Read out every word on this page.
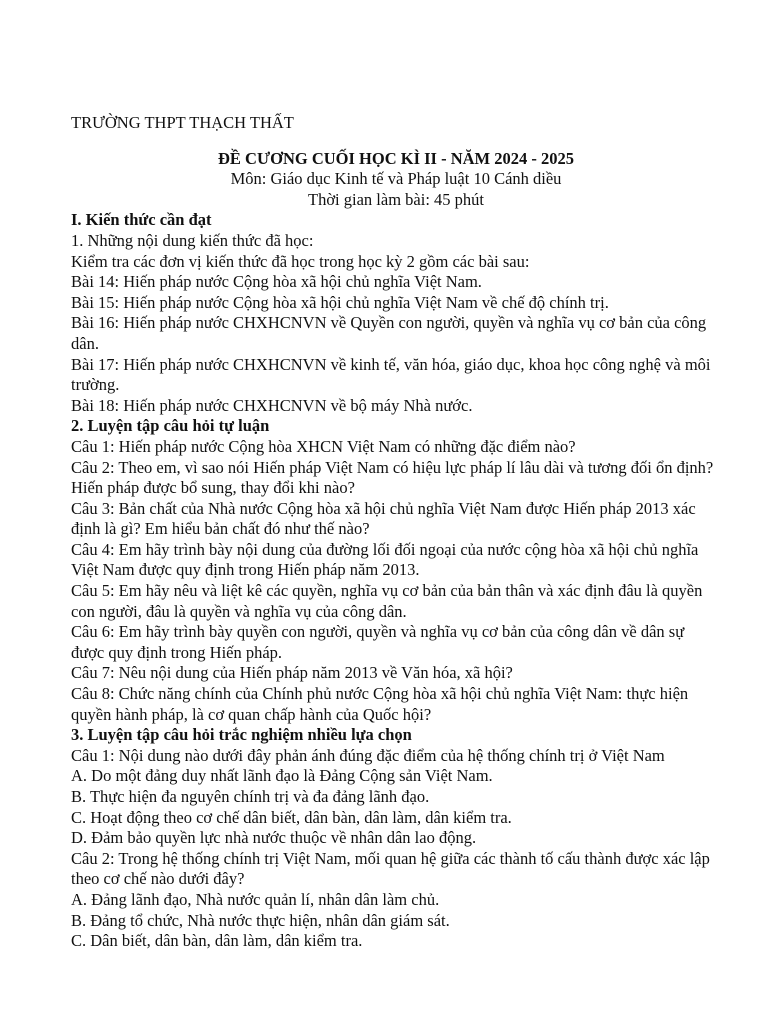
TRƯỜNG THPT THẠCH THẤT
ĐỀ CƯƠNG CUỐI HỌC KÌ II - NĂM 2024 - 2025
Môn: Giáo dục Kinh tế và Pháp luật 10 Cánh diều
Thời gian làm bài: 45 phút
I. Kiến thức cần đạt
1. Những nội dung kiến thức đã học:
Kiểm tra các đơn vị kiến thức đã học trong học kỳ 2 gồm các bài sau:
Bài 14: Hiến pháp nước Cộng hòa xã hội chủ nghĩa Việt Nam.
Bài 15: Hiến pháp nước Cộng hòa xã hội chủ nghĩa Việt Nam về chế độ chính trị.
Bài 16: Hiến pháp nước CHXHCNVN về Quyền con người, quyền và nghĩa vụ cơ bản của công dân.
Bài 17: Hiến pháp nước CHXHCNVN về kinh tế, văn hóa, giáo dục, khoa học công nghệ và môi trường.
Bài 18: Hiến pháp nước CHXHCNVN về bộ máy Nhà nước.
2. Luyện tập câu hỏi tự luận
Câu 1: Hiến pháp nước Cộng hòa XHCN Việt Nam có những đặc điểm nào?
Câu 2: Theo em, vì sao nói Hiến pháp Việt Nam có hiệu lực pháp lí lâu dài và tương đối ổn định? Hiến pháp được bổ sung, thay đổi khi nào?
Câu 3: Bản chất của Nhà nước Cộng hòa xã hội chủ nghĩa Việt Nam được Hiến pháp 2013 xác định là gì? Em hiểu bản chất đó như thế nào?
Câu 4: Em hãy trình bày nội dung của đường lối đối ngoại của nước cộng hòa xã hội chủ nghĩa Việt Nam được quy định trong Hiến pháp năm 2013.
Câu 5: Em hãy nêu và liệt kê các quyền, nghĩa vụ cơ bản của bản thân và xác định đâu là quyền con người, đâu là quyền và nghĩa vụ của công dân.
Câu 6: Em hãy trình bày quyền con người, quyền và nghĩa vụ cơ bản của công dân về dân sự được quy định trong Hiến pháp.
Câu 7: Nêu nội dung của Hiến pháp năm 2013 về Văn hóa, xã hội?
Câu 8: Chức năng chính của Chính phủ nước Cộng hòa xã hội chủ nghĩa Việt Nam: thực hiện quyền hành pháp, là cơ quan chấp hành của Quốc hội?
3. Luyện tập câu hỏi trắc nghiệm nhiều lựa chọn
Câu 1: Nội dung nào dưới đây phản ánh đúng đặc điểm của hệ thống chính trị ở Việt Nam
A. Do một đảng duy nhất lãnh đạo là Đảng Cộng sản Việt Nam.
B. Thực hiện đa nguyên chính trị và đa đảng lãnh đạo.
C. Hoạt động theo cơ chế dân biết, dân bàn, dân làm, dân kiểm tra.
D. Đảm bảo quyền lực nhà nước thuộc về nhân dân lao động.
Câu 2: Trong hệ thống chính trị Việt Nam, mối quan hệ giữa các thành tố cấu thành được xác lập theo cơ chế nào dưới đây?
A. Đảng lãnh đạo, Nhà nước quản lí, nhân dân làm chủ.
B. Đảng tổ chức, Nhà nước thực hiện, nhân dân giám sát.
C. Dân biết, dân bàn, dân làm, dân kiểm tra.
